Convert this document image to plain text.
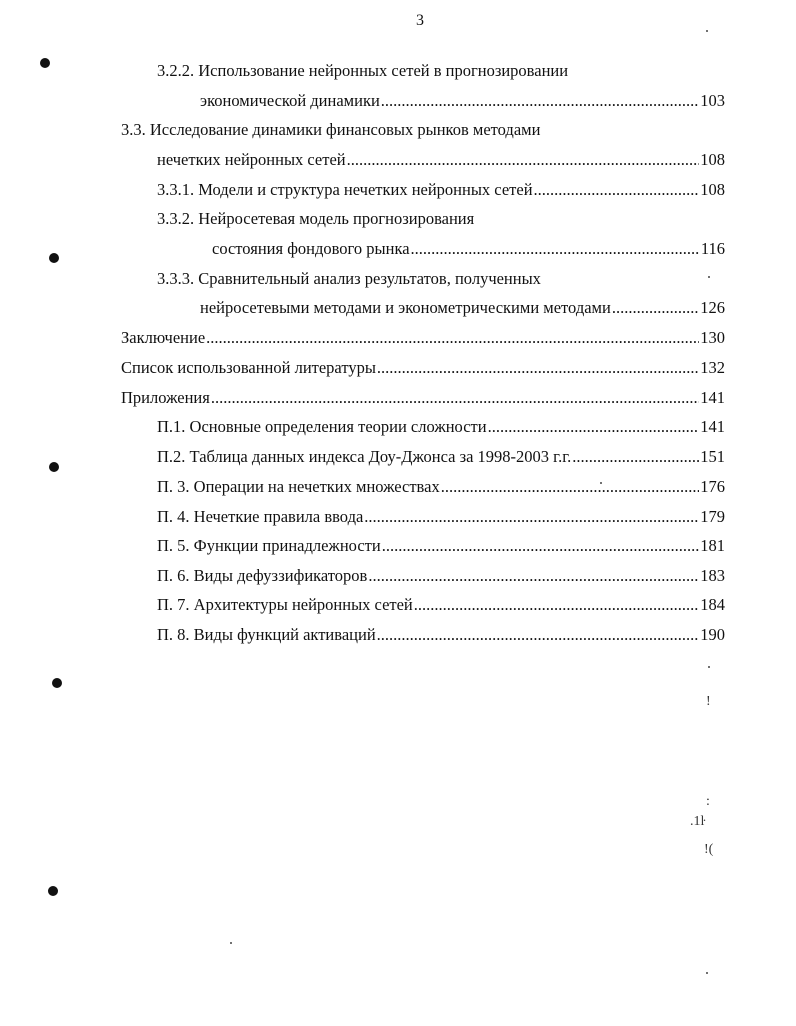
3
3.2.2. Использование нейронных сетей в прогнозировании
экономической динамики .....	103
3.3. Исследование динамики финансовых рынков методами
нечетких нейронных сетей .....	108
3.3.1. Модели и структура нечетких нейронных сетей .....	108
3.3.2. Нейросетевая модель прогнозирования
состояния фондового рынка .....	116
3.3.3. Сравнительный анализ результатов, полученных
нейросетевыми методами и эконометрическими методами .....	126
Заключение .....	130
Список использованной литературы .....	132
Приложения .....	141
П.1. Основные определения теории сложности .....	141
П.2. Таблица данных индекса Доу-Джонса за 1998-2003 г.г. .....	151
П. 3. Операции на нечетких множествах .....	176
П. 4. Нечеткие правила ввода .....	179
П. 5. Функции принадлежности .....	181
П. 6. Виды дефуззификаторов .....	183
П. 7. Архитектуры нейронных сетей .....	184
П. 8. Виды функций активаций .....	190
.1ŀ
!(
!
:
